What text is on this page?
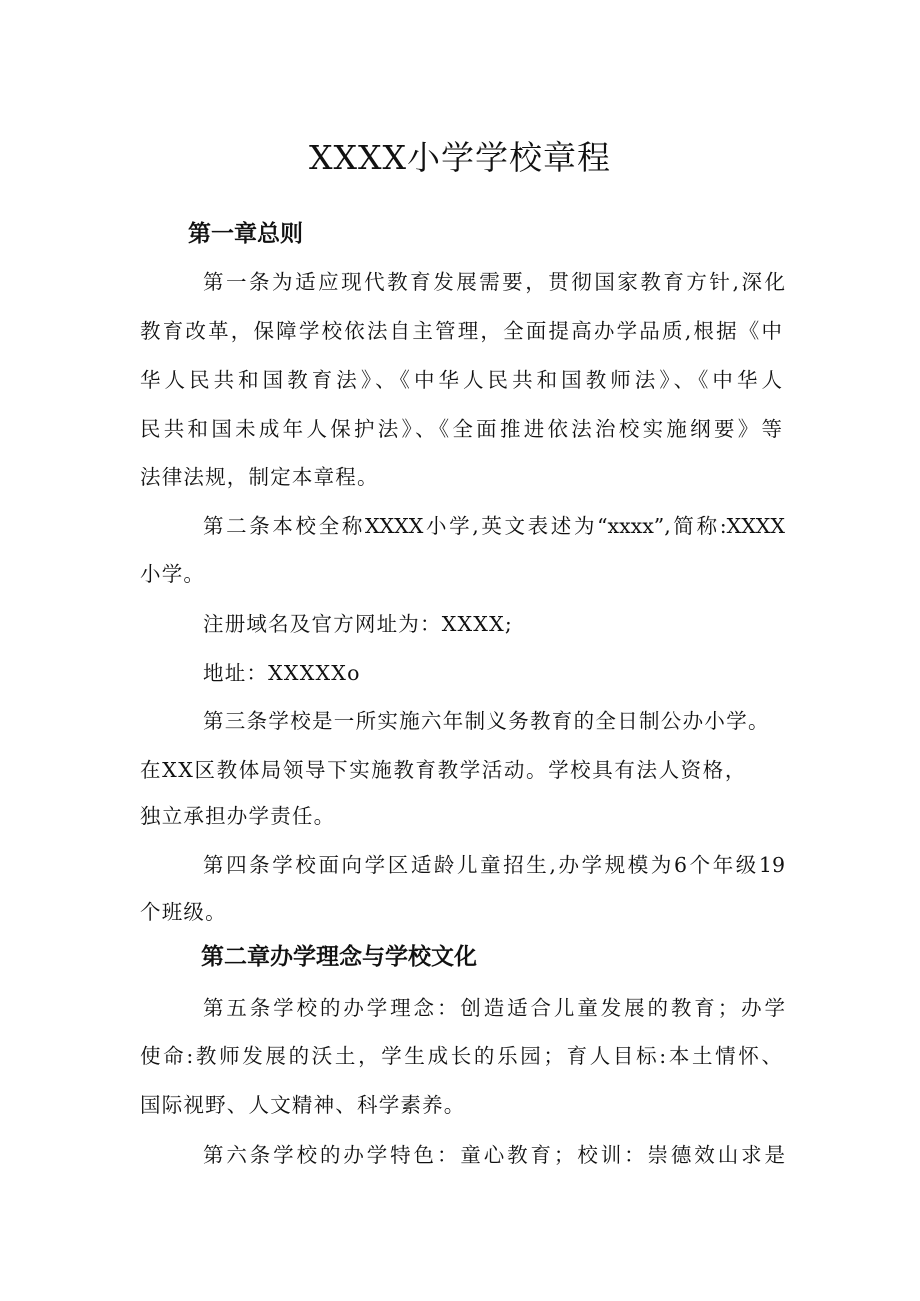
XXXX小学学校章程
第一章总则
第一条为适应现代教育发展需要，贯彻国家教育方针,深化
教育改革，保障学校依法自主管理，全面提高办学品质,根据《中
华人民共和国教育法》、《中华人民共和国教师法》、《中华人
民共和国未成年人保护法》、《全面推进依法治校实施纲要》等
法律法规，制定本章程。
第二条本校全称XXXX小学,英文表述为“xxxx”,简称:XXXX
小学。
注册域名及官方网址为：XXXX;
地址：XXXXXo
第三条学校是一所实施六年制义务教育的全日制公办小学。
在XX区教体局领导下实施教育教学活动。学校具有法人资格，
独立承担办学责任。
第四条学校面向学区适龄儿童招生,办学规模为6个年级19
个班级。
第二章办学理念与学校文化
第五条学校的办学理念：创造适合儿童发展的教育；办学
使命:教师发展的沃土，学生成长的乐园；育人目标:本土情怀、
国际视野、人文精神、科学素养。
第六条学校的办学特色：童心教育；校训：崇德效山求是
